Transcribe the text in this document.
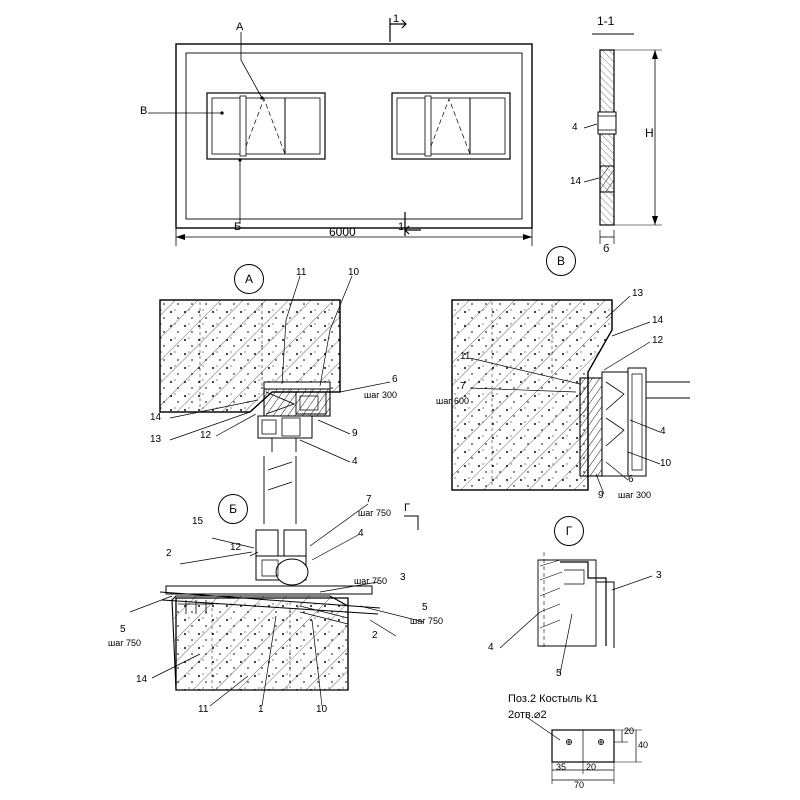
1
1
1-1
А
В
Б	6000
H
б
4
14
А	11	10
6
шаг 300
9
4
14
13	12
В
13
14
12
11
7
шаг 600
4
10
6
9 шаг 300
Б
15
2
12
7
шаг 750 Г
4
шаг 750 3
5
шаг 750
2
5
шаг 750
14
11	1	10
Г
3
4
5
Поз.2 Костыль К1
2отв.⌀2
20
40
35 20
70
